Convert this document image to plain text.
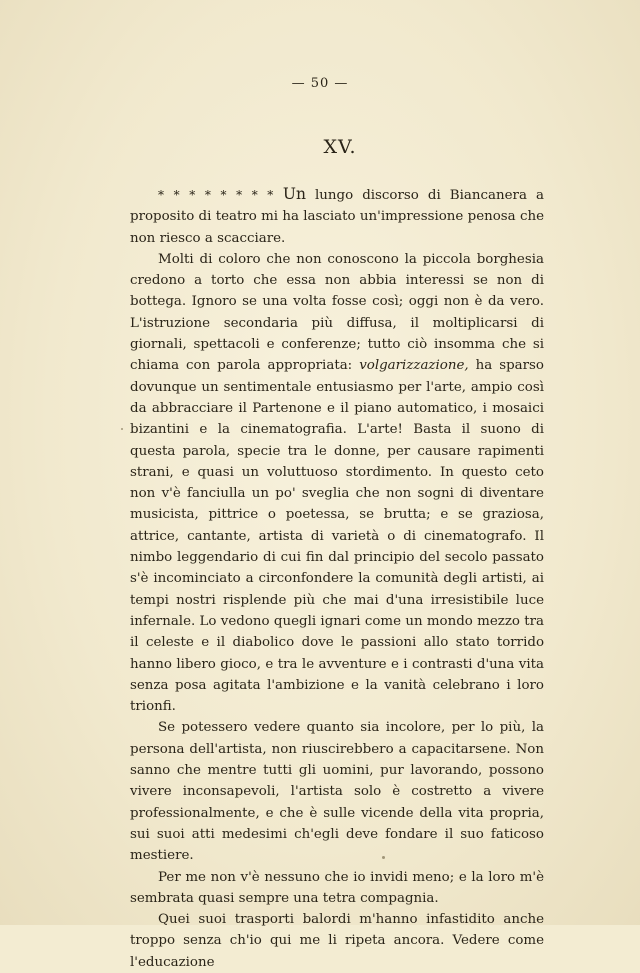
— 50 —
XV.

* * * * * * * * Un lungo discorso di Biancanera a proposito di teatro mi ha lasciato un'impressione penosa che non riesco a scacciare.

Molti di coloro che non conoscono la piccola borghesia credono a torto che essa non abbia interessi se non di bottega. Ignoro se una volta fosse così; oggi non è da vero. L'istruzione secondaria più diffusa, il moltiplicarsi di giornali, spettacoli e conferenze; tutto ciò insomma che si chiama con parola appropriata: volgarizzazione, ha sparso dovunque un sentimentale entusiasmo per l'arte, ampio così da abbracciare il Partenone e il piano automatico, i mosaici bizantini e la cinematografia. L'arte! Basta il suono di questa parola, specie tra le donne, per causare rapimenti strani, e quasi un voluttuoso stordimento. In questo ceto non v'è fanciulla un po' sveglia che non sogni di diventare musicista, pittrice o poetessa, se brutta; e se graziosa, attrice, cantante, artista di varietà o di cinematografo. Il nimbo leggendario di cui fin dal principio del secolo passato s'è incominciato a circonfondere la comunità degli artisti, ai tempi nostri risplende più che mai d'una irresistibile luce infernale. Lo vedono quegli ignari come un mondo mezzo tra il celeste e il diabolico dove le passioni allo stato torrido hanno libero gioco, e tra le avventure e i contrasti d'una vita senza posa agitata l'ambizione e la vanità celebrano i loro trionfi.

Se potessero vedere quanto sia incolore, per lo più, la persona dell'artista, non riuscirebbero a capacitarsene. Non sanno che mentre tutti gli uomini, pur lavorando, possono vivere inconsapevoli, l'artista solo è costretto a vivere professionalmente, e che è sulle vicende della vita propria, sui suoi atti medesimi ch'egli deve fondare il suo faticoso mestiere.

Per me non v'è nessuno che io invidi meno; e la loro m'è sembrata quasi sempre una tetra compagnia.

Quei suoi trasporti balordi m'hanno infastidito anche troppo senza ch'io qui me li ripeta ancora. Vedere come l'educazione
